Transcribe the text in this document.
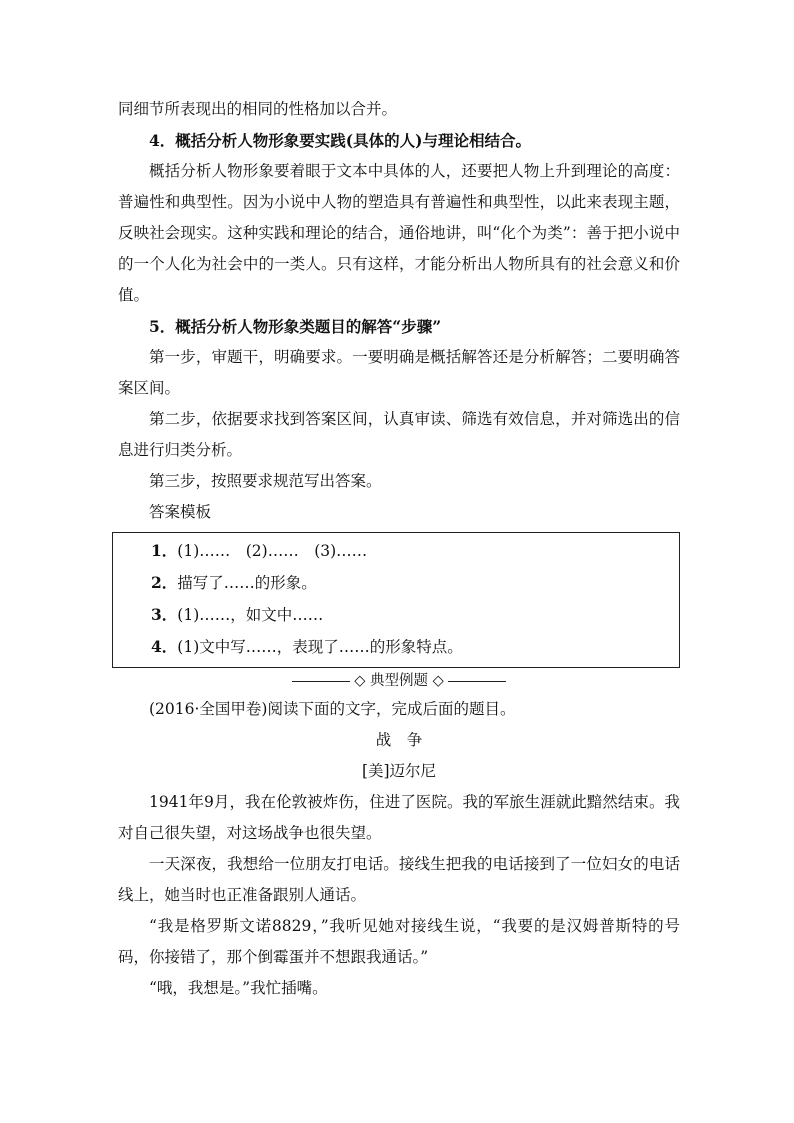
同细节所表现出的相同的性格加以合并。

4．概括分析人物形象要实践(具体的人)与理论相结合。

概括分析人物形象要着眼于文本中具体的人，还要把人物上升到理论的高度：普遍性和典型性。因为小说中人物的塑造具有普遍性和典型性，以此来表现主题，反映社会现实。这种实践和理论的结合，通俗地讲，叫“化个为类”：善于把小说中的一个人化为社会中的一类人。只有这样，才能分析出人物所具有的社会意义和价值。

5．概括分析人物形象类题目的解答“步骤”

第一步，审题干，明确要求。一要明确是概括解答还是分析解答；二要明确答案区间。

第二步，依据要求找到答案区间，认真审读、筛选有效信息，并对筛选出的信息进行归类分析。

第三步，按照要求规范写出答案。

答案模板

1．(1)……　(2)……　(3)……
2．描写了……的形象。
3．(1)……，如文中……
4．(1)文中写……，表现了……的形象特点。
◇ 典型例题 ◇

(2016·全国甲卷)阅读下面的文字，完成后面的题目。

战争

[美]迈尔尼

1941年9月，我在伦敦被炸伤，住进了医院。我的军旅生涯就此黯然结束。我对自己很失望，对这场战争也很失望。

一天深夜，我想给一位朋友打电话。接线生把我的电话接到了一位妇女的电话线上，她当时也正准备跟别人通话。

“我是格罗斯文诺8829，”我听见她对接线生说，“我要的是汉姆普斯特的号码，你接错了，那个倒霉蛋并不想跟我通话。”

“哦，我想是。”我忙插嘴。
